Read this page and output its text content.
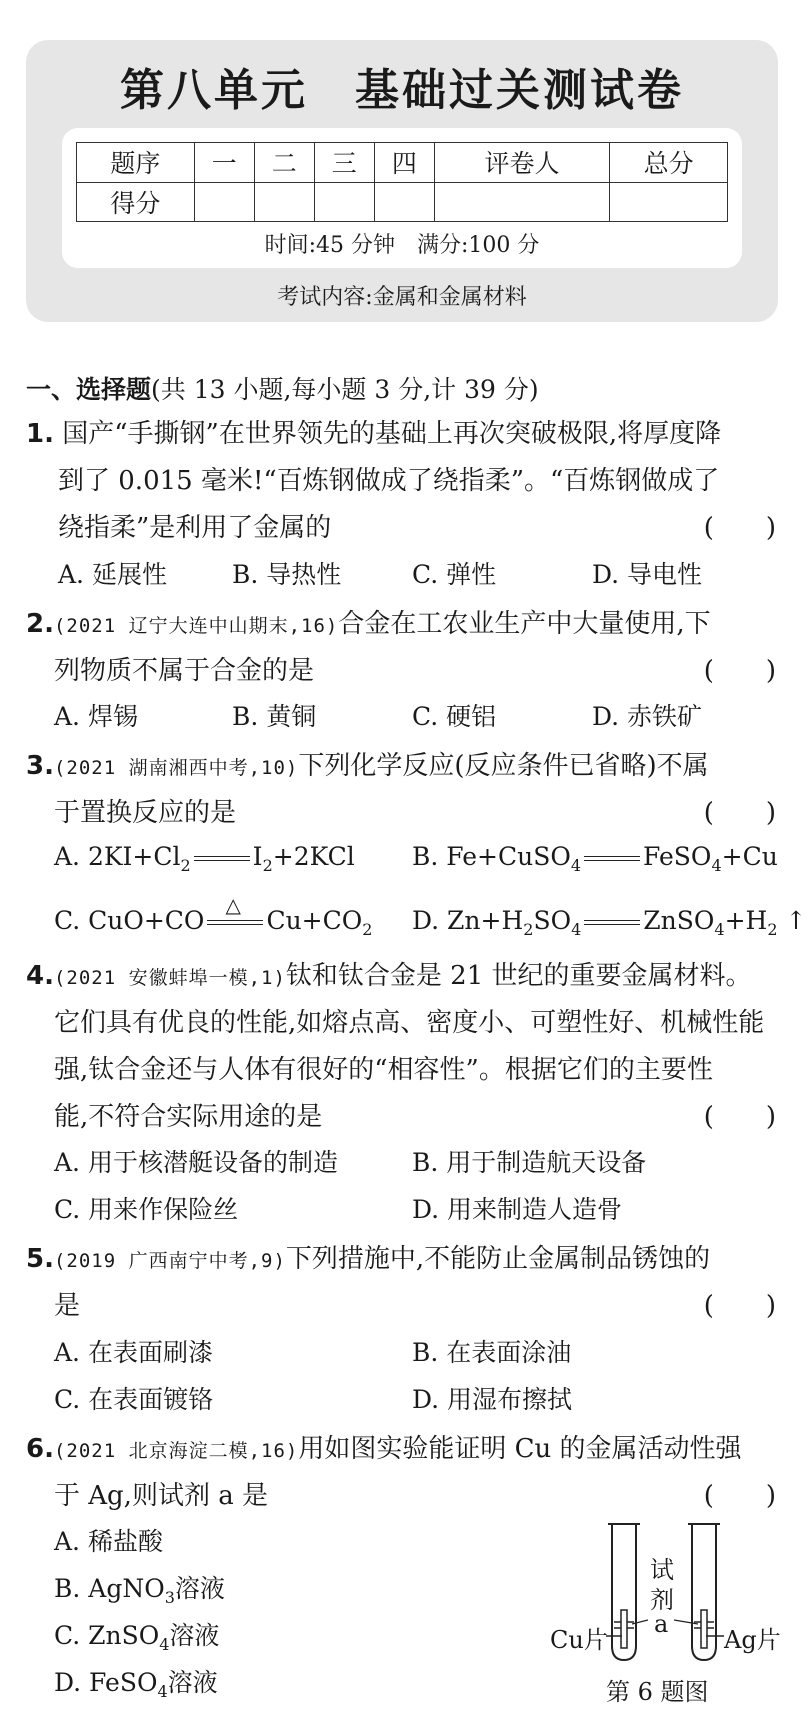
第八单元　基础过关测试卷
题序	一	二	三	四	评卷人	总分
得分						
时间:45 分钟　满分:100 分
考试内容:金属和金属材料
一、选择题(共 13 小题,每小题 3 分,计 39 分)
1. 国产“手撕钢”在世界领先的基础上再次突破极限,将厚度降
到了 0.015 毫米!“百炼钢做成了绕指柔”。“百炼钢做成了
绕指柔”是利用了金属的	(　　)
A. 延展性	B. 导热性	C. 弹性	D. 导电性
2.(2021 辽宁大连中山期末,16)合金在工农业生产中大量使用,下
列物质不属于合金的是	(　　)
A. 焊锡	B. 黄铜	C. 硬铝	D. 赤铁矿
3.(2021 湖南湘西中考,10)下列化学反应(反应条件已省略)不属
于置换反应的是	(　　)
A. $2KI+Cl_2$ $I_2+2KCl$ B. Fe+CuSO$_4$ FeSO$_4$+Cu
C. CuO+CO
△
$Cu+CO_2$ D. $Zn+H_2SO_4$ $ZnSO_4+H_2$ ↑
4.(2021 安徽蚌埠一模,1)钛和钛合金是 21 世纪的重要金属材料。
它们具有优良的性能,如熔点高、密度小、可塑性好、机械性能
强,钛合金还与人体有很好的“相容性”。根据它们的主要性
能,不符合实际用途的是	(　　)
A. 用于核潜艇设备的制造	B. 用于制造航天设备
C. 用来作保险丝	D. 用来制造人造骨
5.(2019 广西南宁中考,9)下列措施中,不能防止金属制品锈蚀的
是	(　　)
A. 在表面刷漆	B. 在表面涂油
C. 在表面镀铬	D. 用湿布擦拭
6.(2021 北京海淀二模,16)用如图实验能证明 Cu 的金属活动性强
于 Ag,则试剂 a 是	(　　)
A. 稀盐酸
B. AgNO$_3$溶液
C. ZnSO$_4$溶液
D. FeSO$_4$溶液
Cu片	Ag片
试
剂
a
第 6 题图
